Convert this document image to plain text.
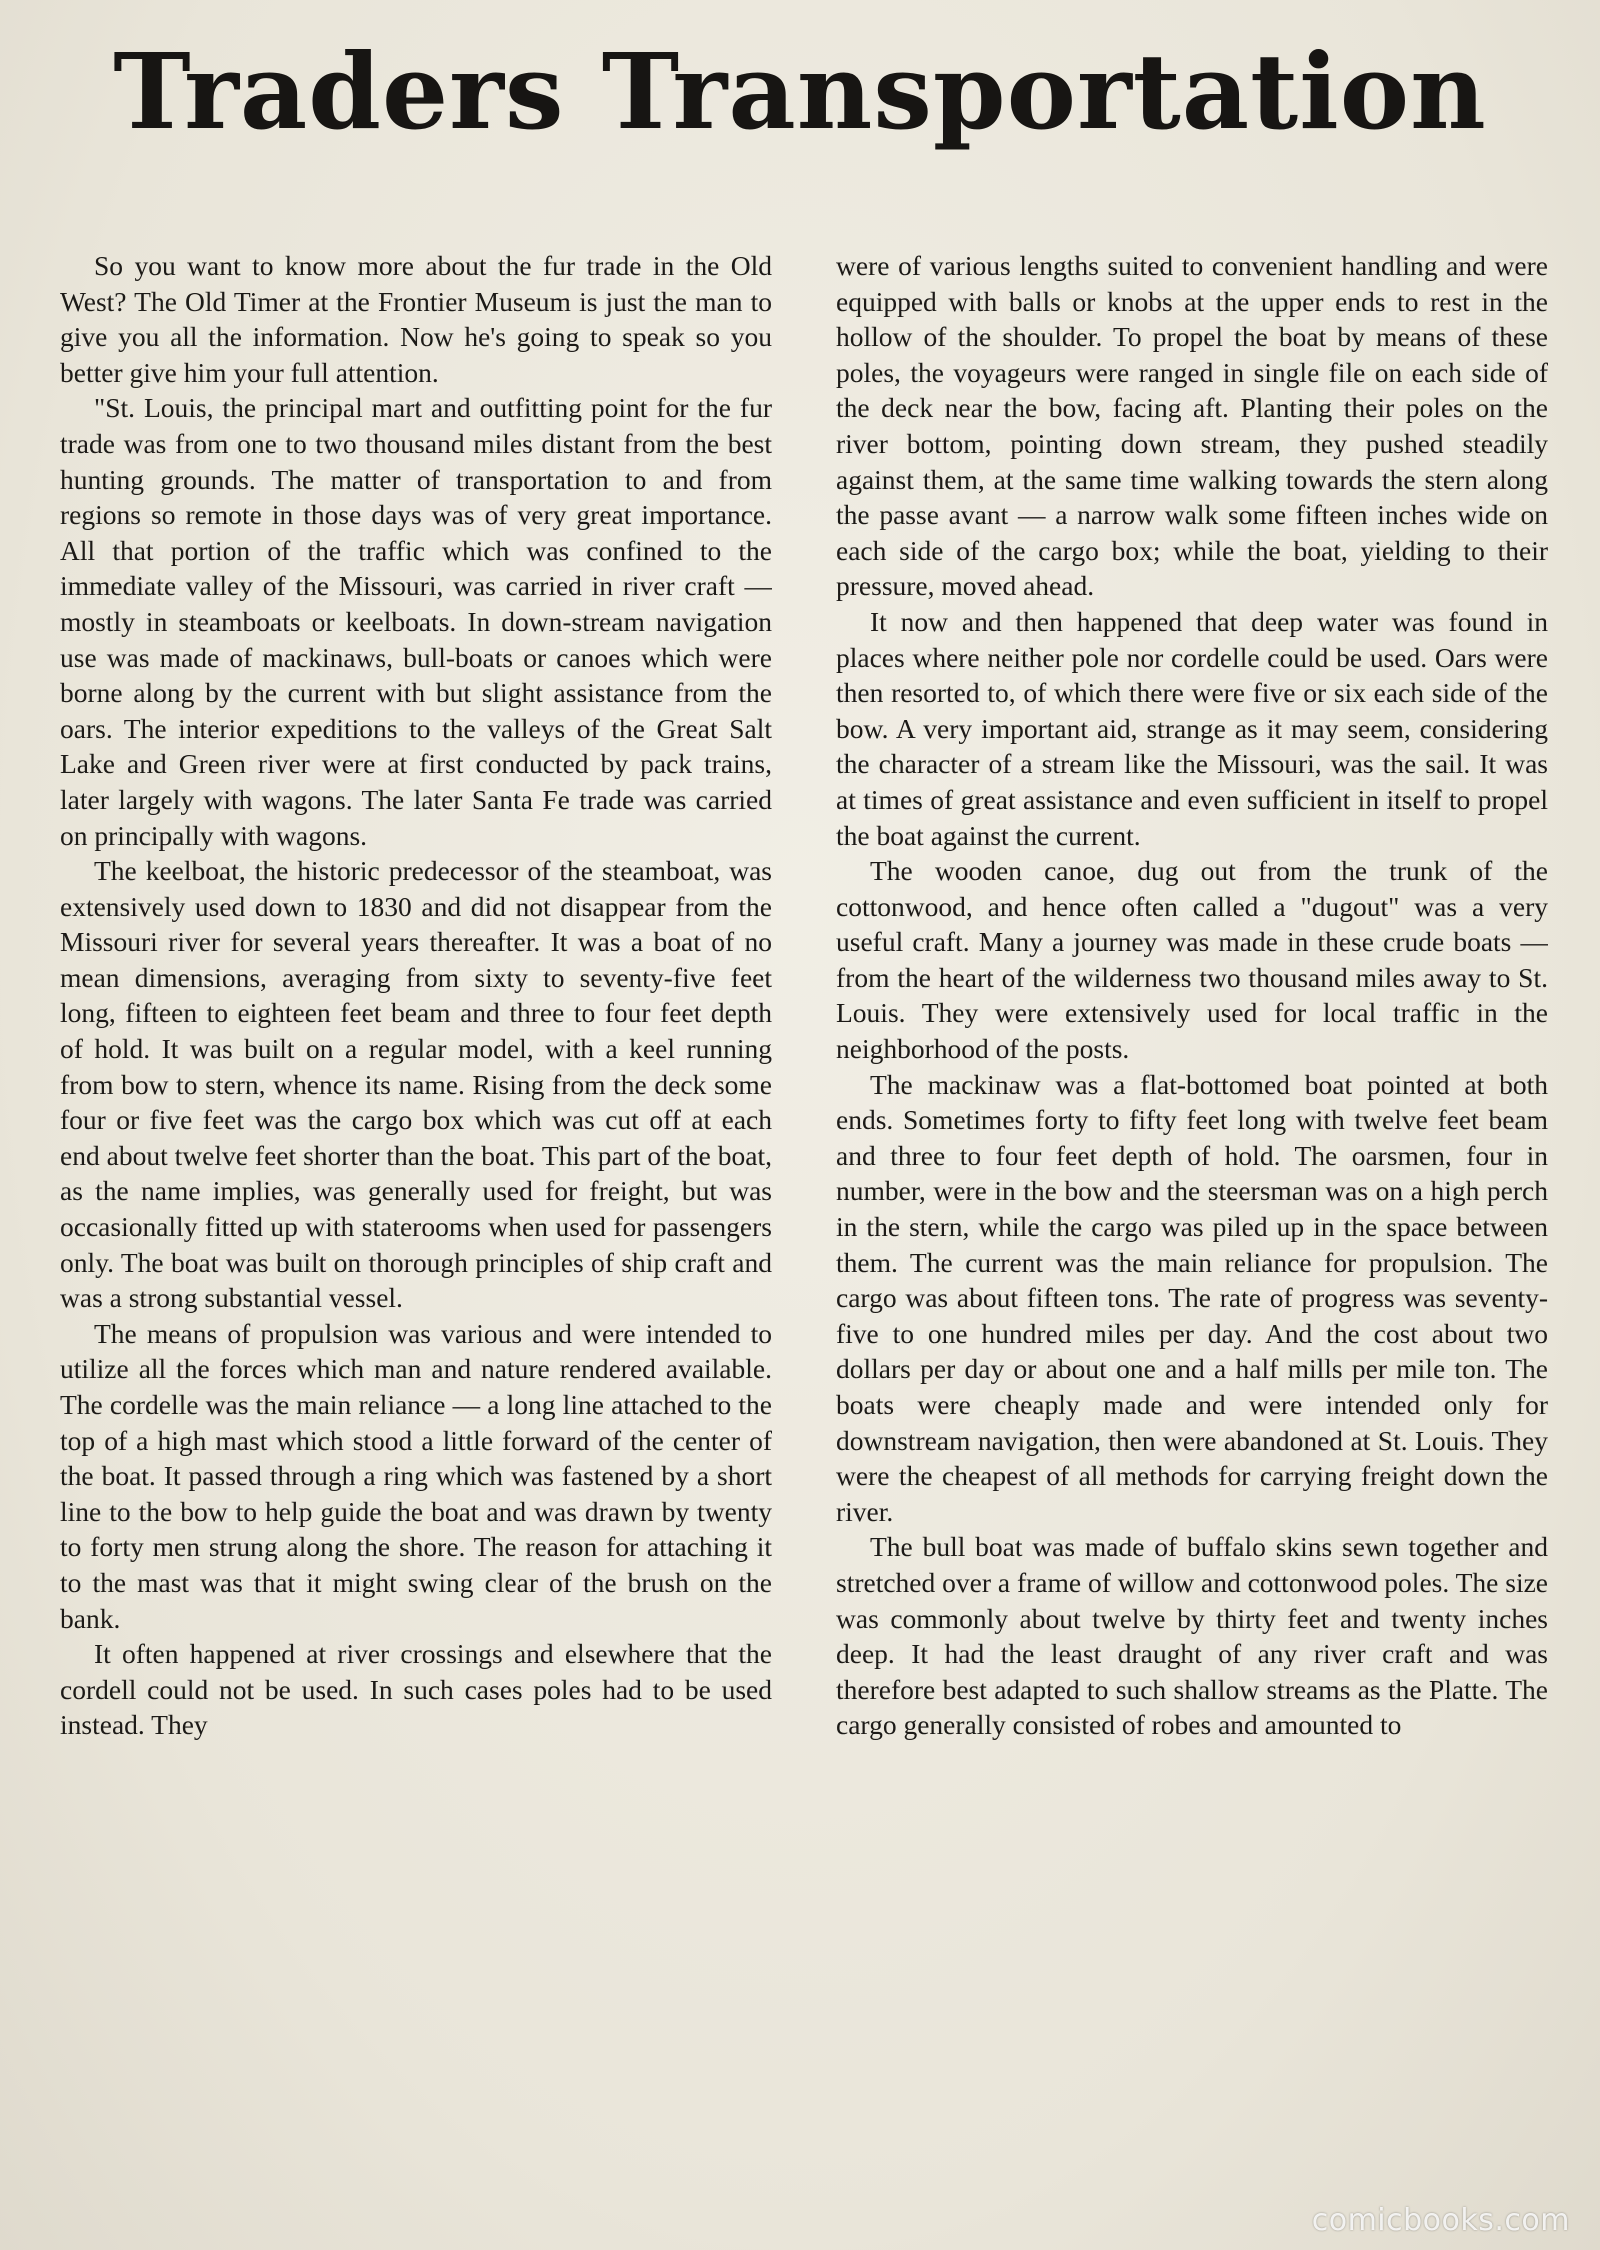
Traders Transportation

So you want to know more about the fur trade in the Old West? The Old Timer at the Frontier Museum is just the man to give you all the information. Now he's going to speak so you better give him your full attention.

"St. Louis, the principal mart and outfitting point for the fur trade was from one to two thousand miles distant from the best hunting grounds. The matter of transportation to and from regions so remote in those days was of very great importance. All that portion of the traffic which was confined to the immediate valley of the Missouri, was carried in river craft — mostly in steamboats or keelboats. In down-stream navigation use was made of mackinaws, bull-boats or canoes which were borne along by the current with but slight assistance from the oars. The interior expeditions to the valleys of the Great Salt Lake and Green river were at first conducted by pack trains, later largely with wagons. The later Santa Fe trade was carried on principally with wagons.

The keelboat, the historic predecessor of the steamboat, was extensively used down to 1830 and did not disappear from the Missouri river for several years thereafter. It was a boat of no mean dimensions, averaging from sixty to seventy-five feet long, fifteen to eighteen feet beam and three to four feet depth of hold. It was built on a regular model, with a keel running from bow to stern, whence its name. Rising from the deck some four or five feet was the cargo box which was cut off at each end about twelve feet shorter than the boat. This part of the boat, as the name implies, was generally used for freight, but was occasionally fitted up with staterooms when used for passengers only. The boat was built on thorough principles of ship craft and was a strong substantial vessel.

The means of propulsion was various and were intended to utilize all the forces which man and nature rendered available. The cordelle was the main reliance — a long line attached to the top of a high mast which stood a little forward of the center of the boat. It passed through a ring which was fastened by a short line to the bow to help guide the boat and was drawn by twenty to forty men strung along the shore. The reason for attaching it to the mast was that it might swing clear of the brush on the bank.

It often happened at river crossings and elsewhere that the cordell could not be used. In such cases poles had to be used instead. They

were of various lengths suited to convenient handling and were equipped with balls or knobs at the upper ends to rest in the hollow of the shoulder. To propel the boat by means of these poles, the voyageurs were ranged in single file on each side of the deck near the bow, facing aft. Planting their poles on the river bottom, pointing down stream, they pushed steadily against them, at the same time walking towards the stern along the passe avant — a narrow walk some fifteen inches wide on each side of the cargo box; while the boat, yielding to their pressure, moved ahead.

It now and then happened that deep water was found in places where neither pole nor cordelle could be used. Oars were then resorted to, of which there were five or six each side of the bow. A very important aid, strange as it may seem, considering the character of a stream like the Missouri, was the sail. It was at times of great assistance and even sufficient in itself to propel the boat against the current.

The wooden canoe, dug out from the trunk of the cottonwood, and hence often called a "dugout" was a very useful craft. Many a journey was made in these crude boats — from the heart of the wilderness two thousand miles away to St. Louis. They were extensively used for local traffic in the neighborhood of the posts.

The mackinaw was a flat-bottomed boat pointed at both ends. Sometimes forty to fifty feet long with twelve feet beam and three to four feet depth of hold. The oarsmen, four in number, were in the bow and the steersman was on a high perch in the stern, while the cargo was piled up in the space between them. The current was the main reliance for propulsion. The cargo was about fifteen tons. The rate of progress was seventy-five to one hundred miles per day. And the cost about two dollars per day or about one and a half mills per mile ton. The boats were cheaply made and were intended only for downstream navigation, then were abandoned at St. Louis. They were the cheapest of all methods for carrying freight down the river.

The bull boat was made of buffalo skins sewn together and stretched over a frame of willow and cottonwood poles. The size was commonly about twelve by thirty feet and twenty inches deep. It had the least draught of any river craft and was therefore best adapted to such shallow streams as the Platte. The cargo generally consisted of robes and amounted to

comicbooks.com
